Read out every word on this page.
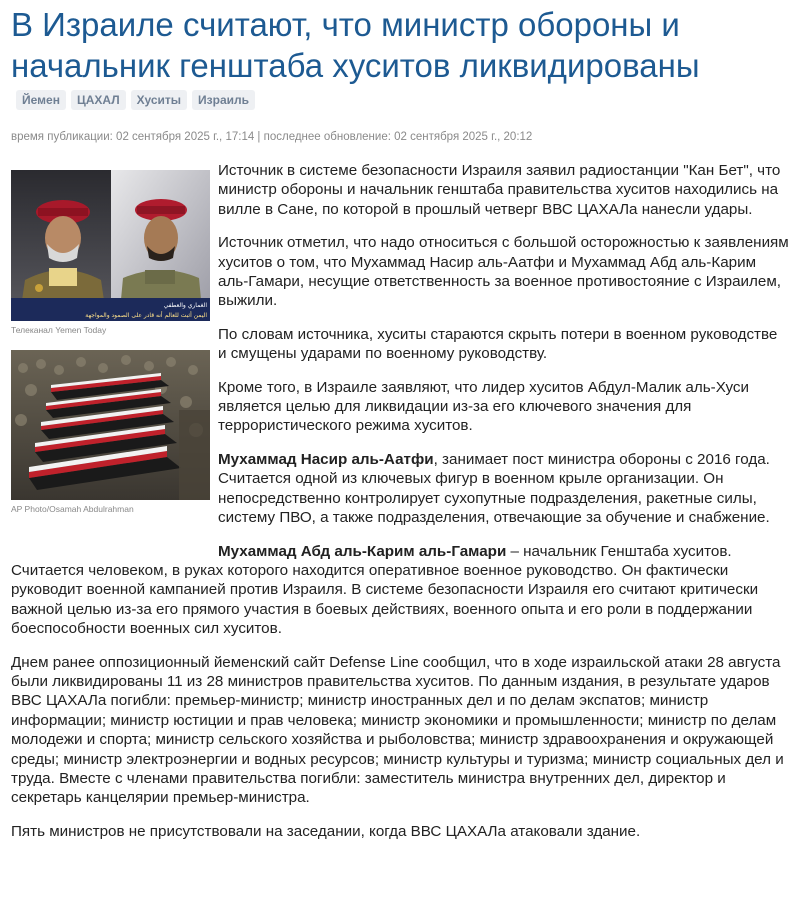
В Израиле считают, что министр обороны и начальник генштаба хуситов ликвидированы
Йемен	ЦАХАЛ	Хуситы	Израиль
время публикации: 02 сентября 2025 г., 17:14 | последнее обновление: 02 сентября 2025 г., 20:12
الغماري والعطفي
اليمن أثبت للعالم أنه قادر على الصمود والمواجهة
Телеканал Yemen Today
AP Photo/Osamah Abdulrahman

Источник в системе безопасности Израиля заявил радиостанции "Кан Бет", что министр обороны и начальник генштаба правительства хуситов находились на вилле в Сане, по которой в прошлый четверг ВВС ЦАХАЛа нанесли удары.

Источник отметил, что надо относиться с большой осторожностью к заявлениям хуситов о том, что Мухаммад Насир аль-Аатфи и Мухаммад Абд аль-Карим аль-Гамари, несущие ответственность за военное противостояние с Израилем, выжили.

По словам источника, хуситы стараются скрыть потери в военном руководстве и смущены ударами по военному руководству.

Кроме того, в Израиле заявляют, что лидер хуситов Абдул-Малик аль-Хуси является целью для ликвидации из-за его ключевого значения для террористического режима хуситов.

Мухаммад Насир аль-Аатфи, занимает пост министра обороны с 2016 года. Считается одной из ключевых фигур в военном крыле организации. Он непосредственно контролирует сухопутные подразделения, ракетные силы, систему ПВО, а также подразделения, отвечающие за обучение и снабжение.

Мухаммад Абд аль-Карим аль-Гамари – начальник Генштаба хуситов. Считается человеком, в руках которого находится оперативное военное руководство. Он фактически руководит военной кампанией против Израиля. В системе безопасности Израиля его считают критически важной целью из-за его прямого участия в боевых действиях, военного опыта и его роли в поддержании боеспособности военных сил хуситов.

Днем ранее оппозиционный йеменский сайт Defense Line сообщил, что в ходе израильской атаки 28 августа были ликвидированы 11 из 28 министров правительства хуситов. По данным издания, в результате ударов ВВС ЦАХАЛа погибли: премьер-министр; министр иностранных дел и по делам экспатов; министр информации; министр юстиции и прав человека; министр экономики и промышленности; министр по делам молодежи и спорта; министр сельского хозяйства и рыболовства; министр здравоохранения и окружающей среды; министр электроэнергии и водных ресурсов; министр культуры и туризма; министр социальных дел и труда. Вместе с членами правительства погибли: заместитель министра внутренних дел, директор и секретарь канцелярии премьер-министра.

Пять министров не присутствовали на заседании, когда ВВС ЦАХАЛа атаковали здание.
